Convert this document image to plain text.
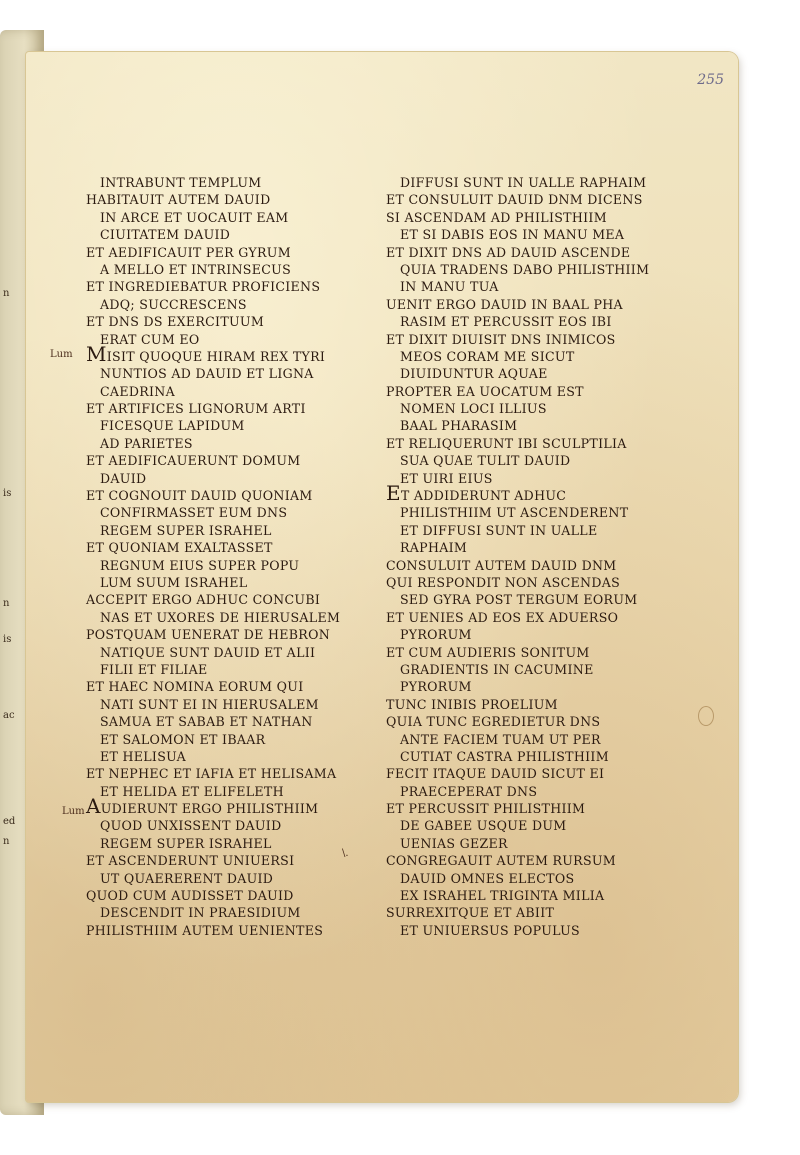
n
is
n
is
ac
ed
n
255
Lum
Lum
\.
INTRABUNT TEMPLUM
HABITAUIT AUTEM DAUID
IN ARCE ET UOCAUIT EAM
CIUITATEM DAUID
ET AEDIFICAUIT PER GYRUM
A MELLO ET INTRINSECUS
ET INGREDIEBATUR PROFICIENS
ADQ; SUCCRESCENS
ET DNS DS EXERCITUUM
ERAT CUM EO
MISIT QUOQUE HIRAM REX TYRI
NUNTIOS AD DAUID ET LIGNA
CAEDRINA
ET ARTIFICES LIGNORUM ARTI
FICESQUE LAPIDUM
AD PARIETES
ET AEDIFICAUERUNT DOMUM
DAUID
ET COGNOUIT DAUID QUONIAM
CONFIRMASSET EUM DNS
REGEM SUPER ISRAHEL
ET QUONIAM EXALTASSET
REGNUM EIUS SUPER POPU
LUM SUUM ISRAHEL
ACCEPIT ERGO ADHUC CONCUBI
NAS ET UXORES DE HIERUSALEM
POSTQUAM UENERAT DE HEBRON
NATIQUE SUNT DAUID ET ALII
FILII ET FILIAE
ET HAEC NOMINA EORUM QUI
NATI SUNT EI IN HIERUSALEM
SAMUA ET SABAB ET NATHAN
ET SALOMON ET IBAAR
ET HELISUA
ET NEPHEC ET IAFIA ET HELISAMA
ET HELIDA ET ELIFELETH
AUDIERUNT ERGO PHILISTHIIM
QUOD UNXISSENT DAUID
REGEM SUPER ISRAHEL
ET ASCENDERUNT UNIUERSI
UT QUAERERENT DAUID
QUOD CUM AUDISSET DAUID
DESCENDIT IN PRAESIDIUM
PHILISTHIIM AUTEM UENIENTES
DIFFUSI SUNT IN UALLE RAPHAIM
ET CONSULUIT DAUID DNM DICENS
SI ASCENDAM AD PHILISTHIIM
ET SI DABIS EOS IN MANU MEA
ET DIXIT DNS AD DAUID ASCENDE
QUIA TRADENS DABO PHILISTHIIM
IN MANU TUA
UENIT ERGO DAUID IN BAAL PHA
RASIM ET PERCUSSIT EOS IBI
ET DIXIT DIUISIT DNS INIMICOS
MEOS CORAM ME SICUT
DIUIDUNTUR AQUAE
PROPTER EA UOCATUM EST
NOMEN LOCI ILLIUS
BAAL PHARASIM
ET RELIQUERUNT IBI SCULPTILIA
SUA QUAE TULIT DAUID
ET UIRI EIUS
ET ADDIDERUNT ADHUC
PHILISTHIIM UT ASCENDERENT
ET DIFFUSI SUNT IN UALLE
RAPHAIM
CONSULUIT AUTEM DAUID DNM
QUI RESPONDIT NON ASCENDAS
SED GYRA POST TERGUM EORUM
ET UENIES AD EOS EX ADUERSO
PYRORUM
ET CUM AUDIERIS SONITUM
GRADIENTIS IN CACUMINE
PYRORUM
TUNC INIBIS PROELIUM
QUIA TUNC EGREDIETUR DNS
ANTE FACIEM TUAM UT PER
CUTIAT CASTRA PHILISTHIIM
FECIT ITAQUE DAUID SICUT EI
PRAECEPERAT DNS
ET PERCUSSIT PHILISTHIIM
DE GABEE USQUE DUM
UENIAS GEZER
CONGREGAUIT AUTEM RURSUM
DAUID OMNES ELECTOS
EX ISRAHEL TRIGINTA MILIA
SURREXITQUE ET ABIIT
ET UNIUERSUS POPULUS
